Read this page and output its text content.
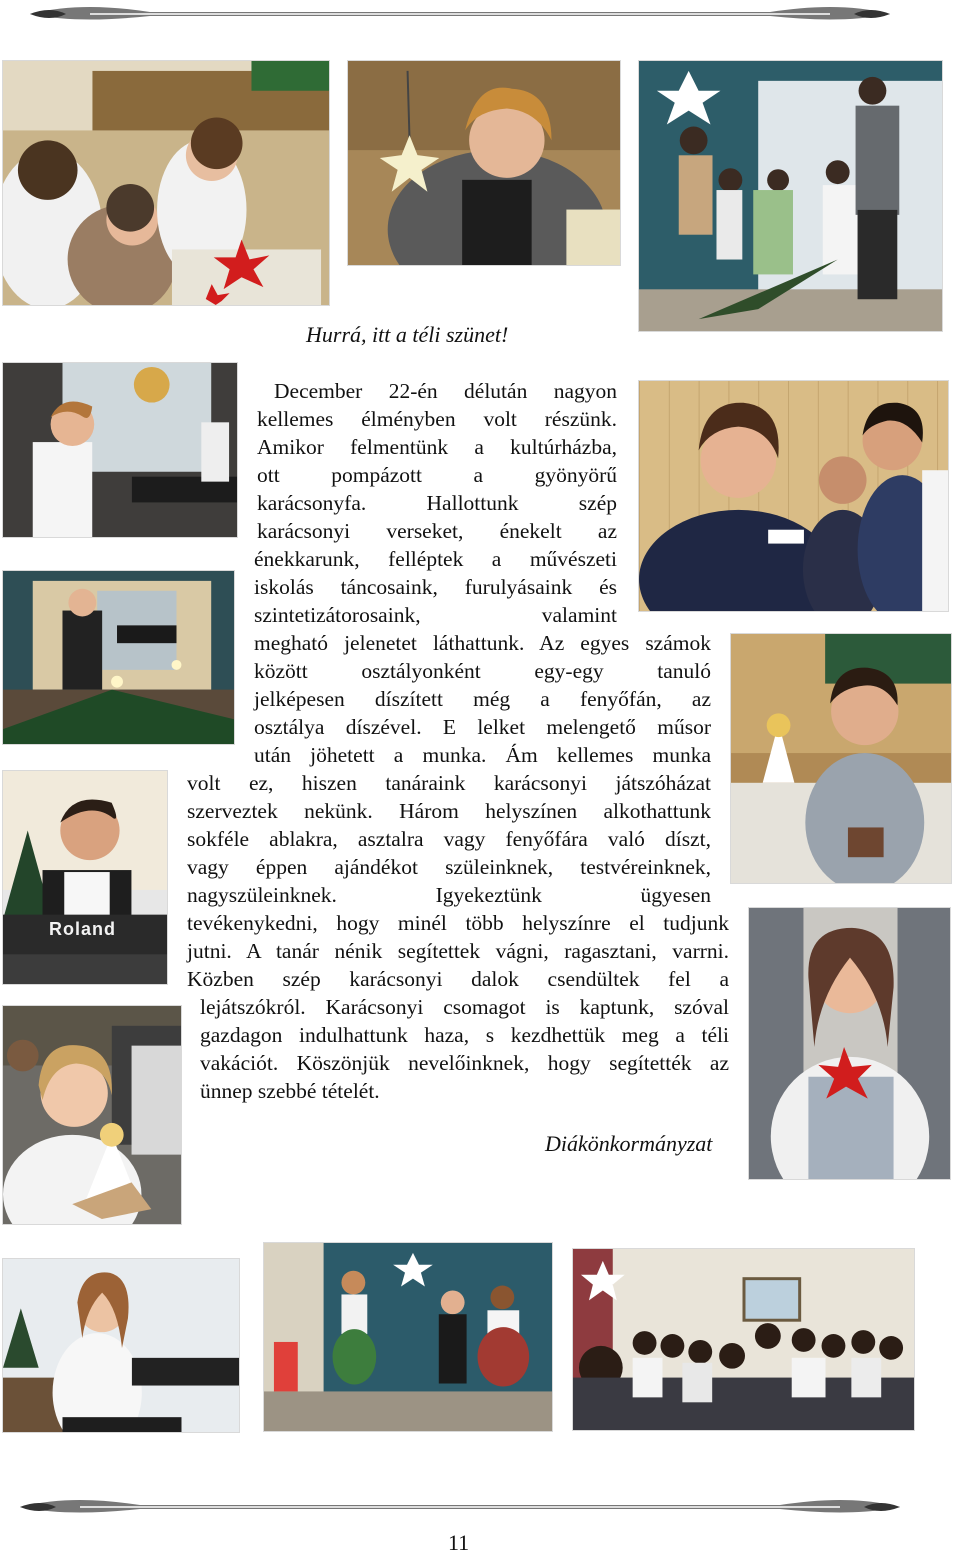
Roland
Hurrá, itt a téli szünet!
December 22-én délután nagyon
kellemes élményben volt részünk.
Amikor felmentünk a kultúrházba,
ott pompázott a gyönyörű
karácsonyfa. Hallottunk szép
karácsonyi verseket, énekelt az
énekkarunk, felléptek a művészeti
iskolás táncosaink, furulyásaink és
szintetizátorosaink, valamint
megható jelenetet láthattunk. Az egyes számok
között osztályonként egy-egy tanuló
jelképesen díszített még a fenyőfán, az
osztálya díszével. E lelket melengető műsor
után jöhetett a munka. Ám kellemes munka
volt ez, hiszen tanáraink karácsonyi játszóházat
szerveztek nekünk. Három helyszínen alkothattunk
sokféle ablakra, asztalra vagy fenyőfára való díszt,
vagy éppen ajándékot szüleinknek, testvéreinknek,
nagyszüleinknek. Igyekeztünk ügyesen
tevékenykedni, hogy minél több helyszínre el tudjunk
jutni. A tanár nénik segítettek vágni, ragasztani, varrni.
Közben szép karácsonyi dalok csendültek fel a
lejátszókról. Karácsonyi csomagot is kaptunk, szóval
gazdagon indulhattunk haza, s kezdhettük meg a téli
vakációt. Köszönjük nevelőinknek, hogy segítették az
ünnep szebbé tételét.
Diákönkormányzat
11
